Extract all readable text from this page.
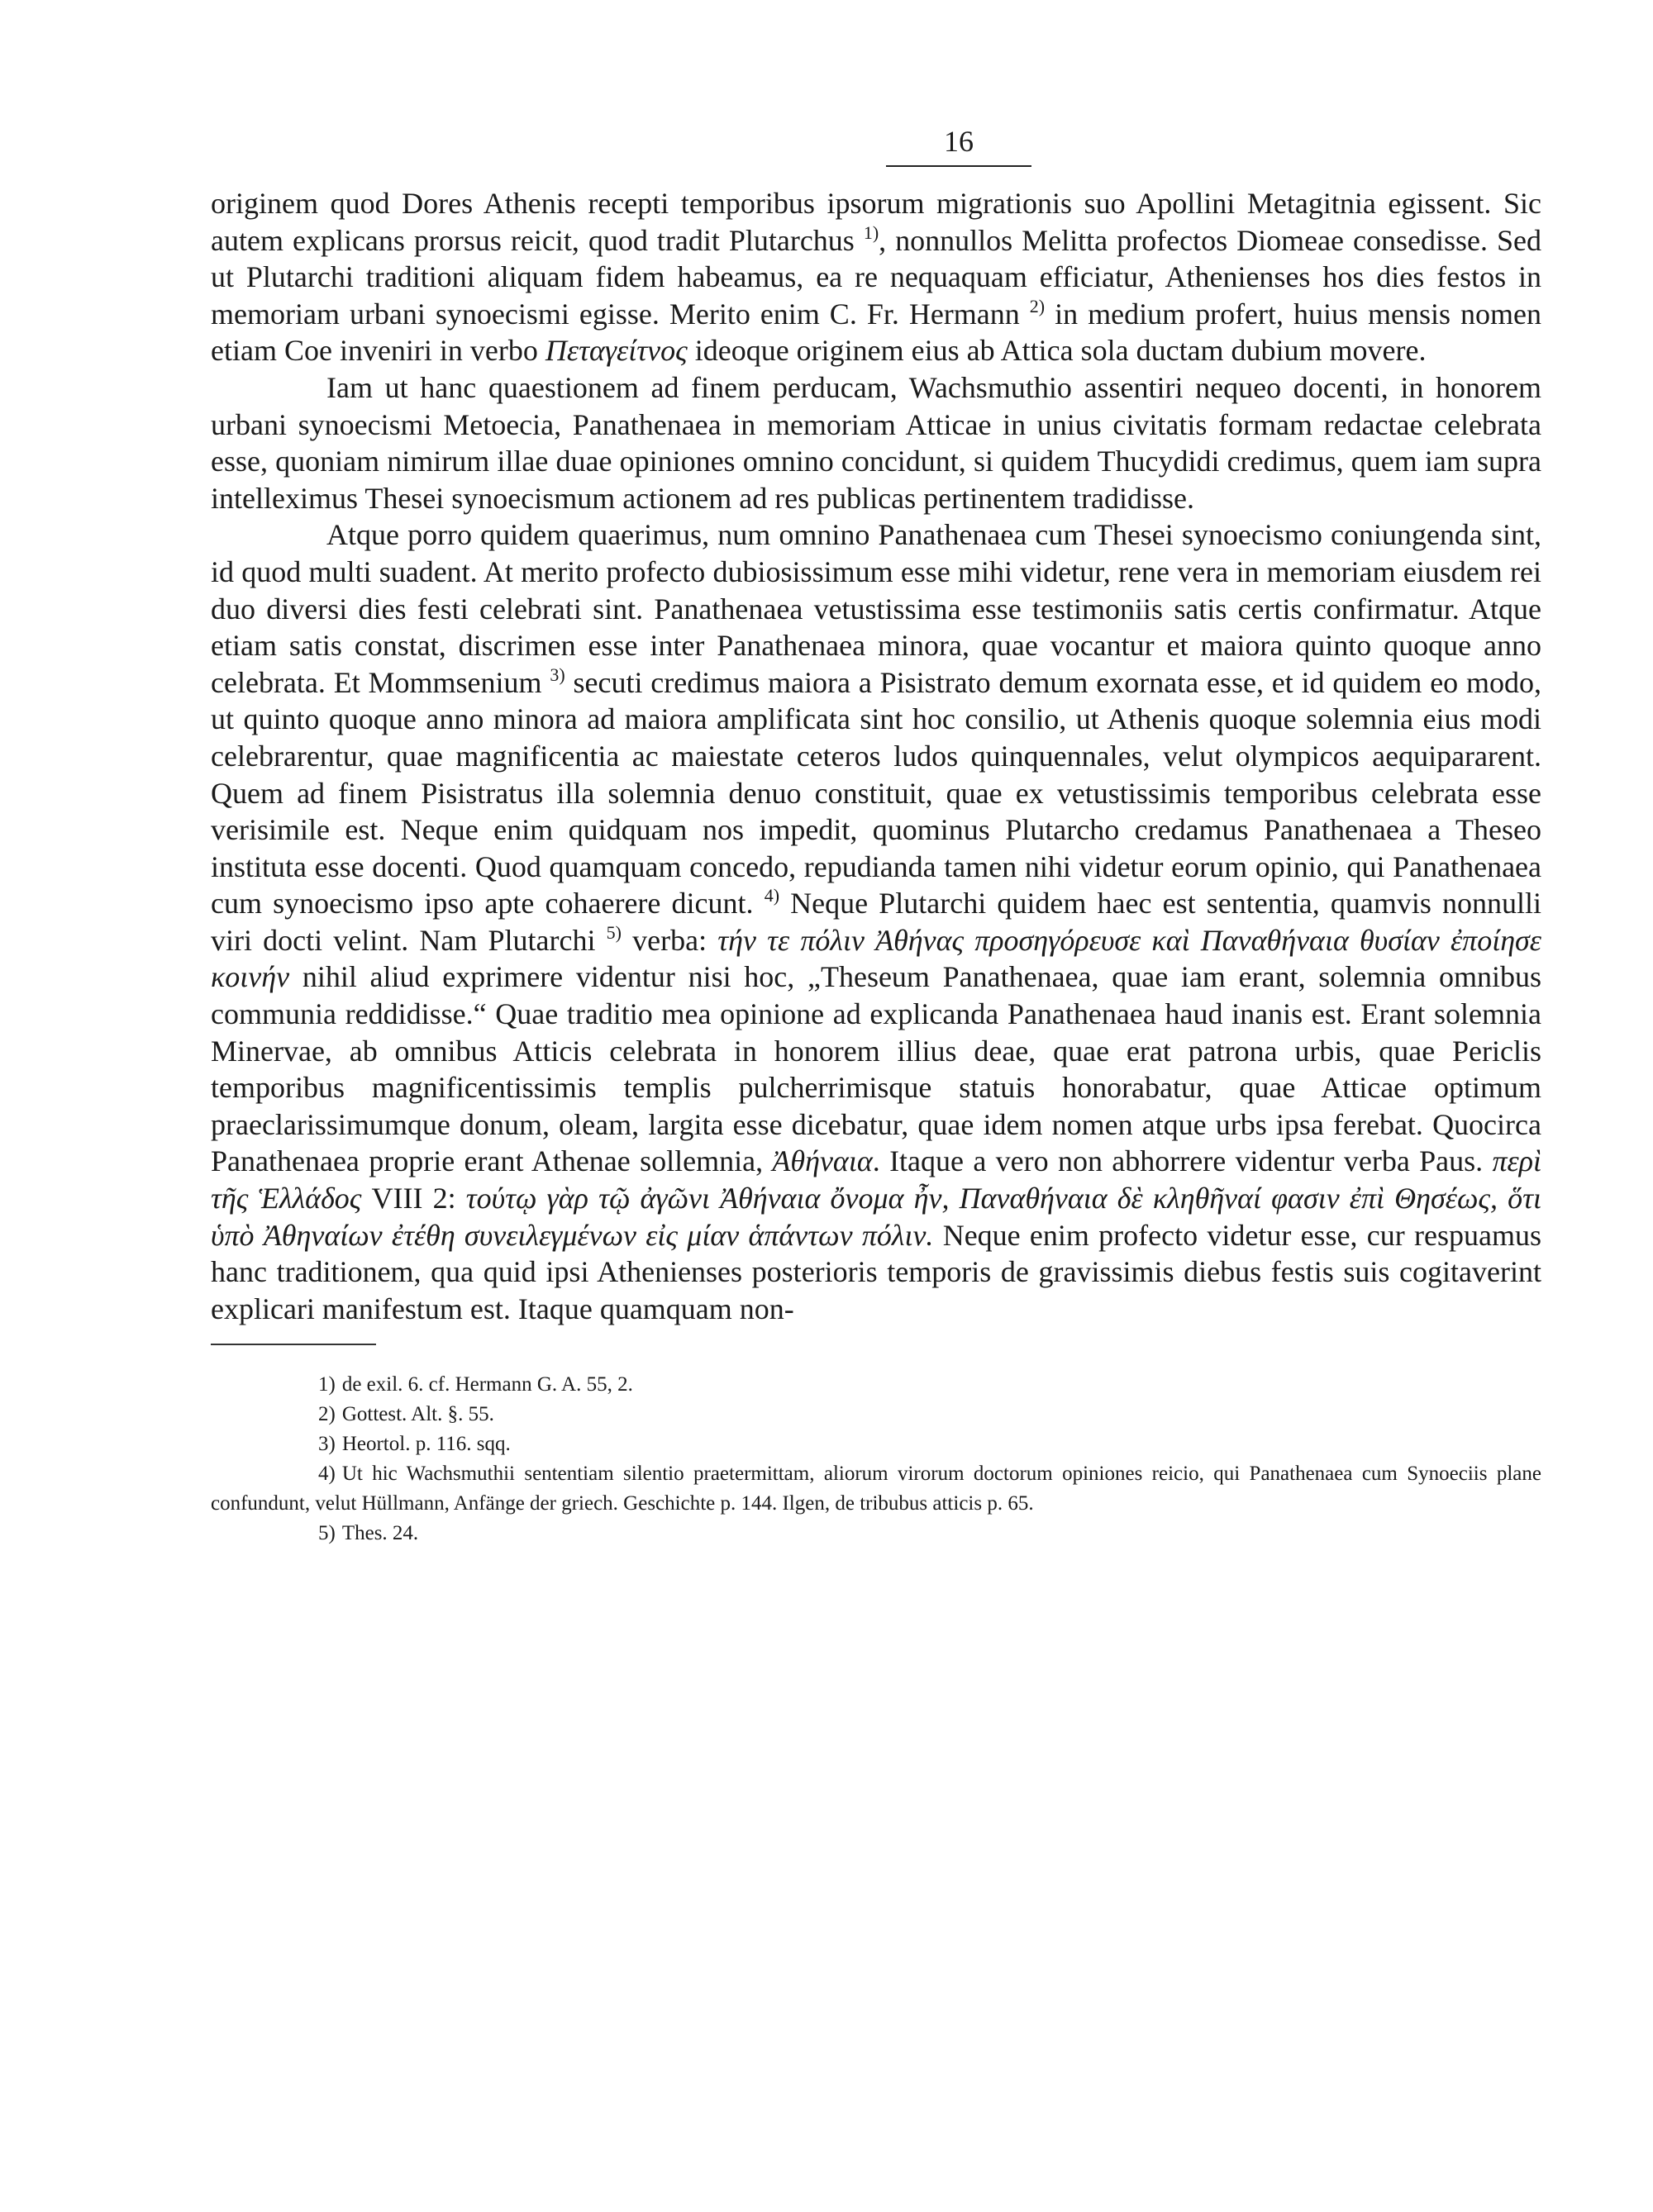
16

originem quod Dores Athenis recepti temporibus ipsorum migrationis suo Apollini Metagitnia egissent. Sic autem explicans prorsus reicit, quod tradit Plutarchus $^{1)}$, nonnullos Melitta profectos Diomeae consedisse. Sed ut Plutarchi traditioni aliquam fidem habeamus, ea re nequaquam efficiatur, Athenienses hos dies festos in memoriam urbani synoecismi egisse. Merito enim C. Fr. Hermann $^{2)}$ in medium profert, huius mensis nomen etiam Coe inveniri in verbo Πεταγείτνος ideoque originem eius ab Attica sola ductam dubium movere.

Iam ut hanc quaestionem ad finem perducam, Wachsmuthio assentiri nequeo docenti, in honorem urbani synoecismi Metoecia, Panathenaea in memoriam Atticae in unius civitatis formam redactae celebrata esse, quoniam nimirum illae duae opiniones omnino concidunt, si quidem Thucydidi credimus, quem iam supra intelleximus Thesei synoecismum actionem ad res publicas pertinentem tradidisse.

Atque porro quidem quaerimus, num omnino Panathenaea cum Thesei synoecismo coniungenda sint, id quod multi suadent. At merito profecto dubiosissimum esse mihi videtur, rene vera in memoriam eiusdem rei duo diversi dies festi celebrati sint. Panathenaea vetustissima esse testimoniis satis certis confirmatur. Atque etiam satis constat, discrimen esse inter Panathenaea minora, quae vocantur et maiora quinto quoque anno celebrata. Et Mommsenium $^{3)}$ secuti credimus maiora a Pisistrato demum exornata esse, et id quidem eo modo, ut quinto quoque anno minora ad maiora amplificata sint hoc consilio, ut Athenis quoque solemnia eius modi celebrarentur, quae magnificentia ac maiestate ceteros ludos quinquennales, velut olympicos aequipararent. Quem ad finem Pisistratus illa solemnia denuo constituit, quae ex vetustissimis temporibus celebrata esse verisimile est. Neque enim quidquam nos impedit, quominus Plutarcho credamus Panathenaea a Theseo instituta esse docenti. Quod quamquam concedo, repudianda tamen nihi videtur eorum opinio, qui Panathenaea cum synoecismo ipso apte cohaerere dicunt. $^{4)}$ Neque Plutarchi quidem haec est sententia, quamvis nonnulli viri docti velint. Nam Plutarchi $^{5)}$ verba: τήν τε πόλιν Ἀθήνας προσηγόρευσε καὶ Παναθήναια θυσίαν ἐποίησε κοινήν nihil aliud exprimere videntur nisi hoc, „Theseum Panathenaea, quae iam erant, solemnia omnibus communia reddidisse.“ Quae traditio mea opinione ad explicanda Panathenaea haud inanis est. Erant solemnia Minervae, ab omnibus Atticis celebrata in honorem illius deae, quae erat patrona urbis, quae Periclis temporibus magnificentissimis templis pulcherrimisque statuis honorabatur, quae Atticae optimum praeclarissimumque donum, oleam, largita esse dicebatur, quae idem nomen atque urbs ipsa ferebat. Quocirca Panathenaea proprie erant Athenae sollemnia, Ἀθήναια. Itaque a vero non abhorrere videntur verba Paus. περὶ τῆς Ἑλλάδος VIII 2: τούτῳ γὰρ τῷ ἀγῶνι Ἀθήναια ὄνομα ἦν, Παναθήναια δὲ κληθῆναί φασιν ἐπὶ Θησέως, ὅτι ὑπὸ Ἀθηναίων ἐτέθη συνειλεγμένων εἰς μίαν ἁπάντων πόλιν. Neque enim profecto videtur esse, cur respuamus hanc traditionem, qua quid ipsi Athenienses posterioris temporis de gravissimis diebus festis suis cogitaverint explicari manifestum est. Itaque quamquam non-

1) de exil. 6. cf. Hermann G. A. 55, 2.
2) Gottest. Alt. §. 55.
3) Heortol. p. 116. sqq.
4) Ut hic Wachsmuthii sententiam silentio praetermittam, aliorum virorum doctorum opiniones reicio, qui Panathenaea cum Synoeciis plane confundunt, velut Hüllmann, Anfänge der griech. Geschichte p. 144. Ilgen, de tribubus atticis p. 65.
5) Thes. 24.
